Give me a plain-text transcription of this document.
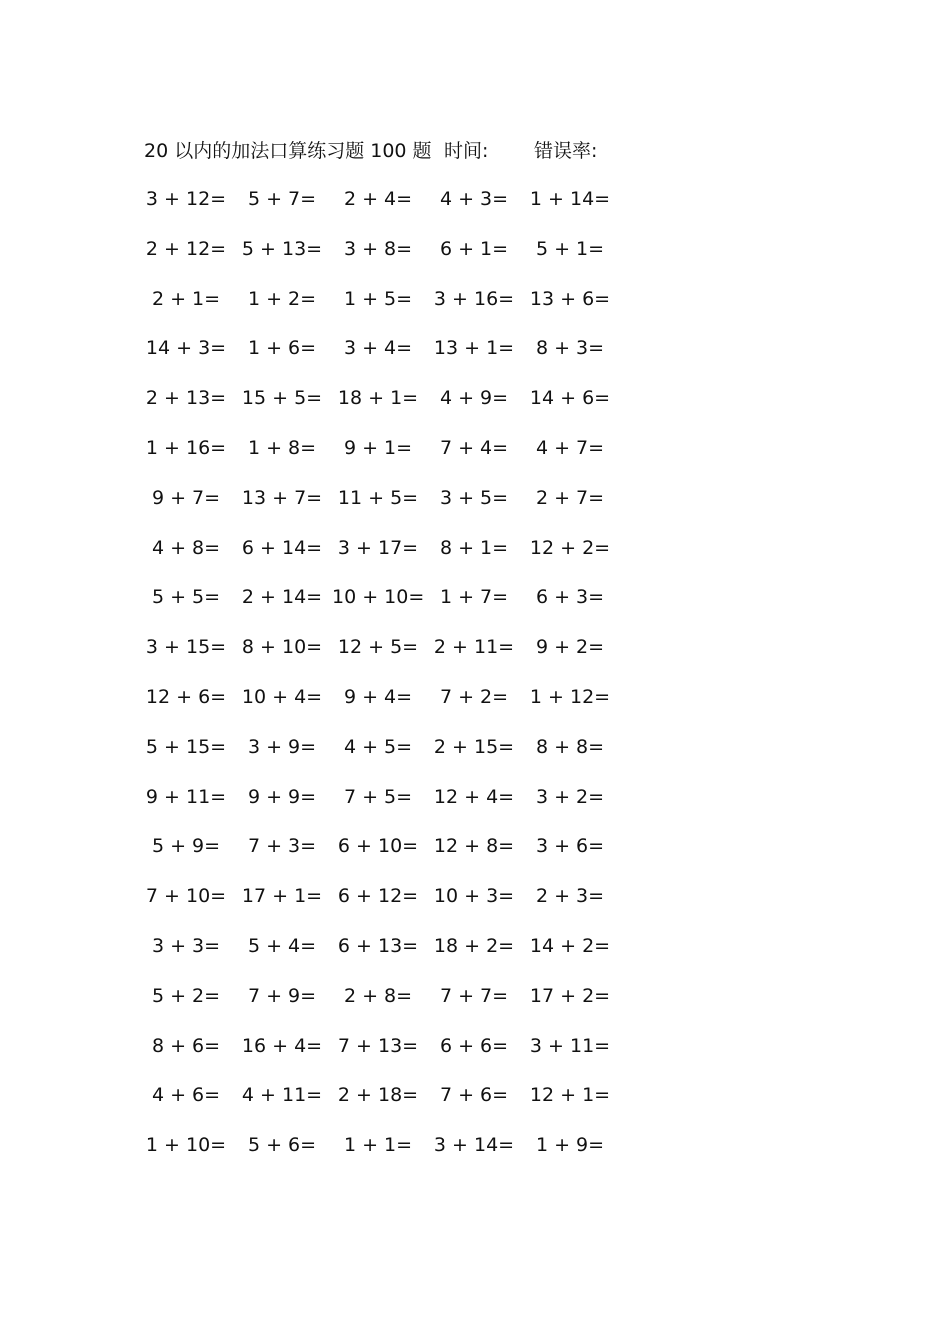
20 以内的加法口算练习题 100 题 时间: 错误率:
3 + 12=	5 + 7=	2 + 4=	4 + 3=	1 + 14=
2 + 12= 5 + 13=	3 + 8=	6 + 1=	5 + 1=
2 + 1=	1 + 2=	1 + 5=	3 + 16= 13 + 6=
14 + 3=	1 + 6=	3 + 4=	13 + 1=	8 + 3=
2 + 13= 15 + 5= 18 + 1=	4 + 9=	14 + 6=
1 + 16=	1 + 8=	9 + 1=	7 + 4=	4 + 7=
9 + 7=	13 + 7= 11 + 5=	3 + 5=	2 + 7=
4 + 8=	6 + 14= 3 + 17=	8 + 1=	12 + 2=
5 + 5=	2 + 14= 10 + 10= 1 + 7=	6 + 3=
3 + 15= 8 + 10= 12 + 5= 2 + 11=	9 + 2=
12 + 6= 10 + 4=	9 + 4=	7 + 2=	1 + 12=
5 + 15=	3 + 9=	4 + 5=	2 + 15=	8 + 8=
9 + 11=	9 + 9=	7 + 5=	12 + 4=	3 + 2=
5 + 9=	7 + 3=	6 + 10= 12 + 8=	3 + 6=
7 + 10= 17 + 1= 6 + 12= 10 + 3=	2 + 3=
3 + 3=	5 + 4=	6 + 13= 18 + 2= 14 + 2=
5 + 2=	7 + 9=	2 + 8=	7 + 7=	17 + 2=
8 + 6=	16 + 4= 7 + 13=	6 + 6=	3 + 11=
4 + 6=	4 + 11= 2 + 18=	7 + 6=	12 + 1=
1 + 10=	5 + 6=	1 + 1=	3 + 14=	1 + 9=
